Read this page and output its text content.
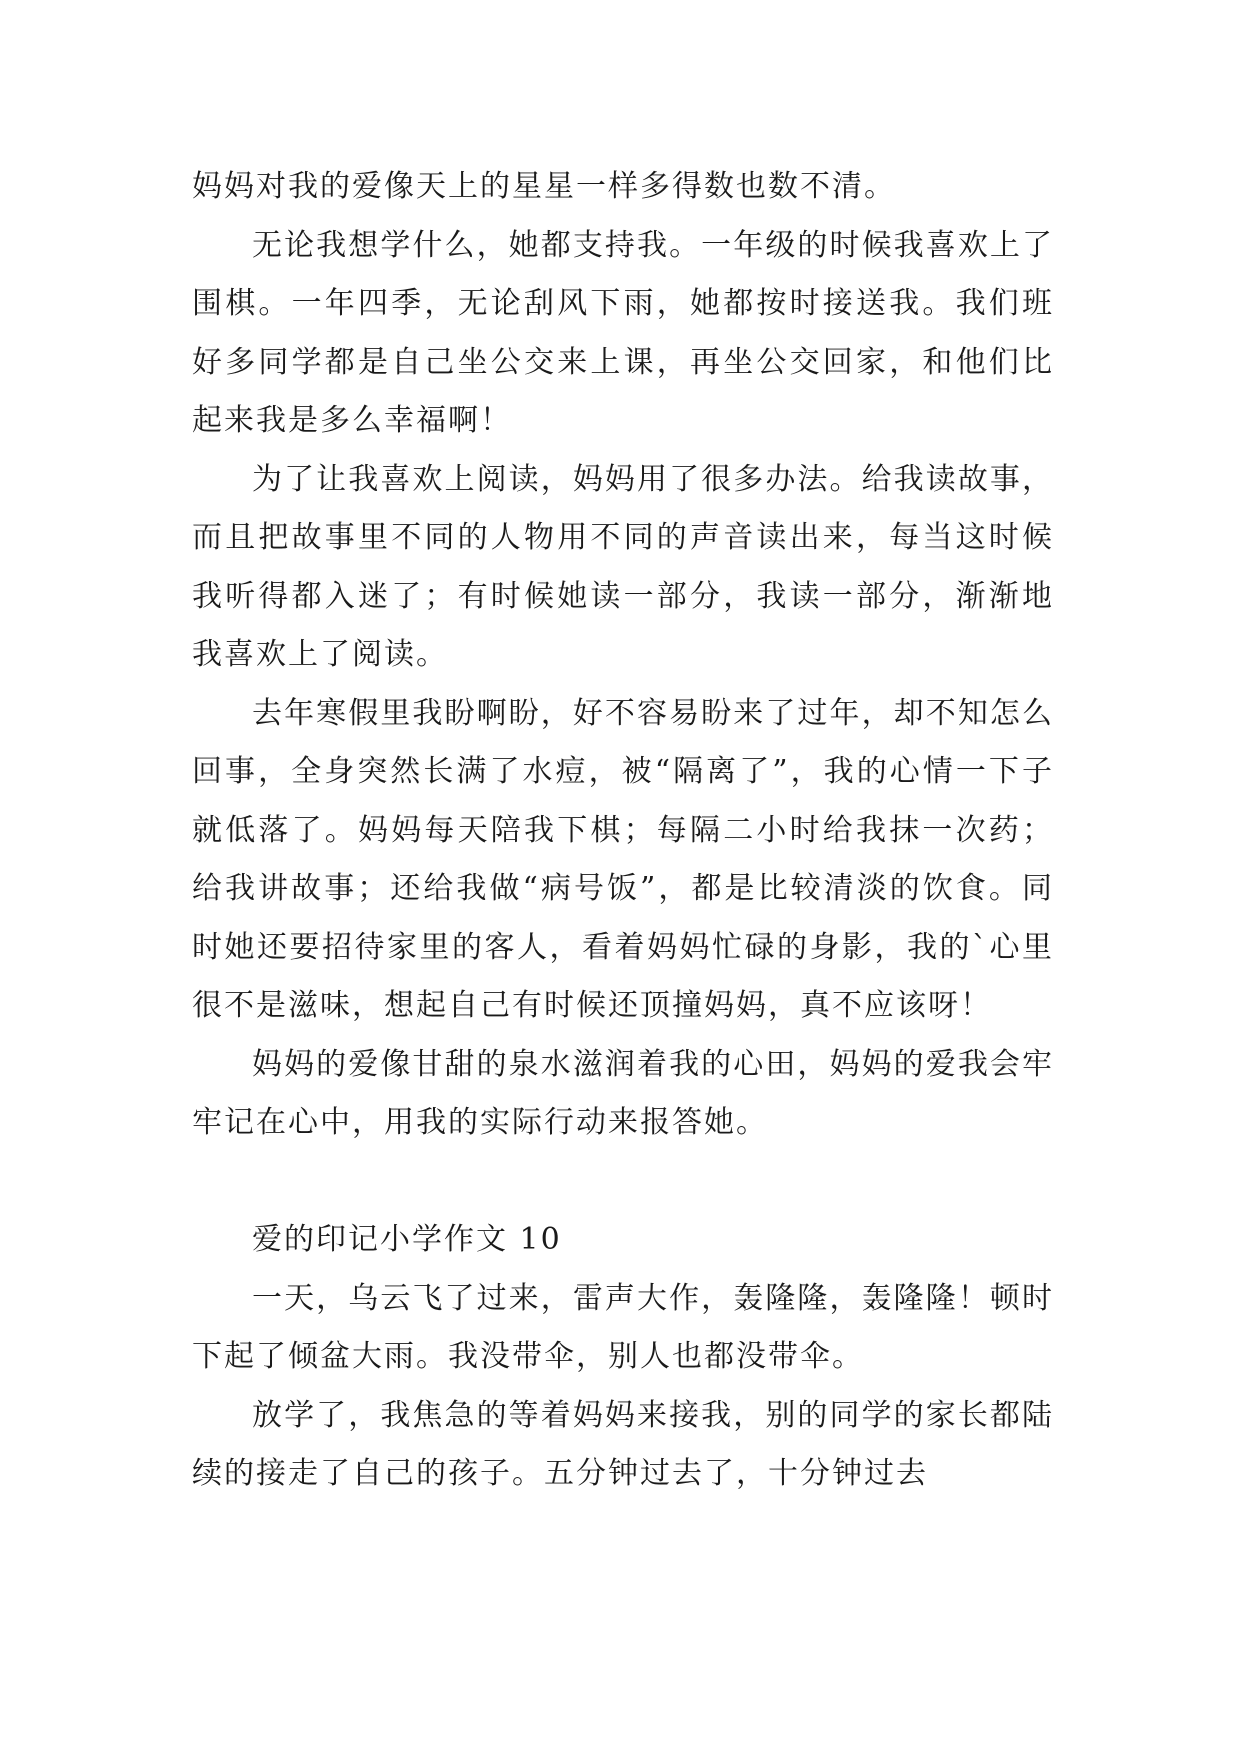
妈妈对我的爱像天上的星星一样多得数也数不清。

无论我想学什么，她都支持我。一年级的时候我喜欢上了围棋。一年四季，无论刮风下雨，她都按时接送我。我们班好多同学都是自己坐公交来上课，再坐公交回家，和他们比起来我是多么幸福啊！

为了让我喜欢上阅读，妈妈用了很多办法。给我读故事，而且把故事里不同的人物用不同的声音读出来，每当这时候我听得都入迷了；有时候她读一部分，我读一部分，渐渐地我喜欢上了阅读。

去年寒假里我盼啊盼，好不容易盼来了过年，却不知怎么回事，全身突然长满了水痘，被“隔离了”，我的心情一下子就低落了。妈妈每天陪我下棋；每隔二小时给我抹一次药；给我讲故事；还给我做“病号饭”，都是比较清淡的饮食。同时她还要招待家里的客人，看着妈妈忙碌的身影，我的`心里很不是滋味，想起自己有时候还顶撞妈妈，真不应该呀！

妈妈的爱像甘甜的泉水滋润着我的心田，妈妈的爱我会牢牢记在心中，用我的实际行动来报答她。

爱的印记小学作文 10

一天，乌云飞了过来，雷声大作，轰隆隆，轰隆隆！顿时下起了倾盆大雨。我没带伞，别人也都没带伞。

放学了，我焦急的等着妈妈来接我，别的同学的家长都陆续的接走了自己的孩子。五分钟过去了，十分钟过去
